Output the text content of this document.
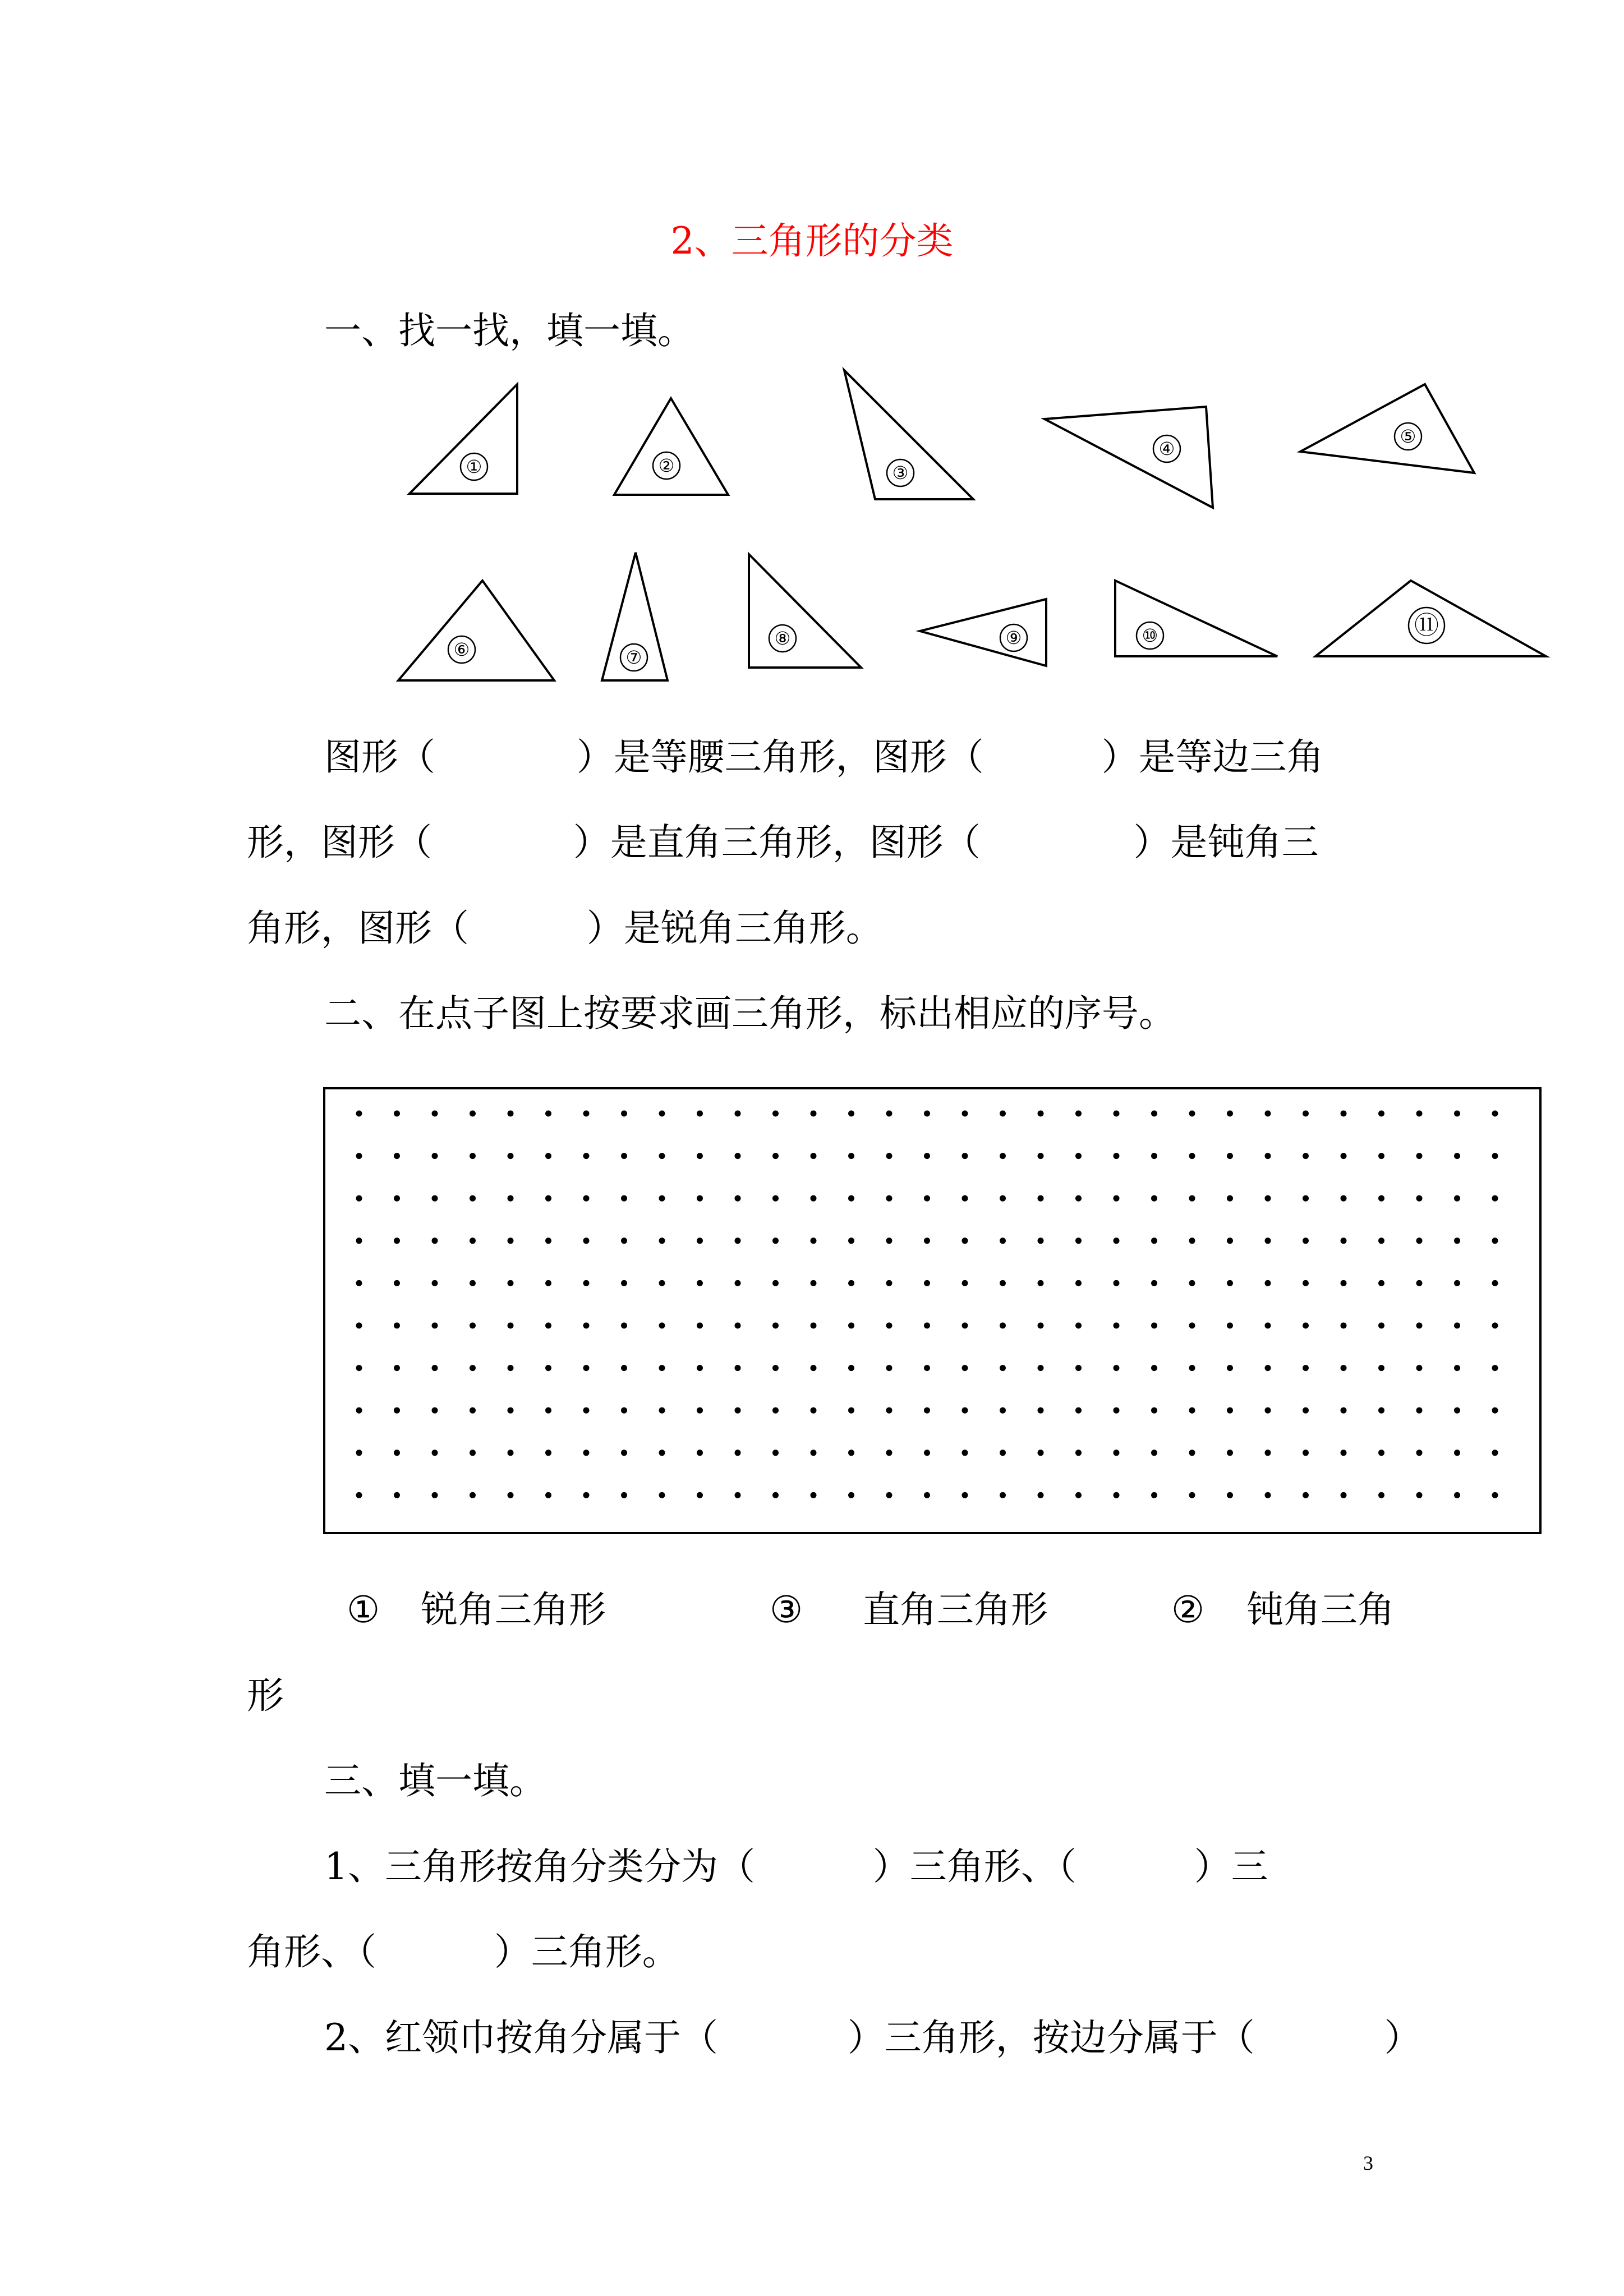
2、三角形的分类
一、找一找，填一填。
①	②	③
④
⑤
⑥	⑦
⑧	⑨	⑩	⑪
图形（            ）是等腰三角形，图形（          ）是等边三角
形，图形（            ）是直角三角形，图形（             ）是钝角三
角形，图形（          ）是锐角三角形。
二、在点子图上按要求画三角形，标出相应的序号。
① 锐角三角形	③ 直角三角形	② 钝角三角
形
三、填一填。
1、三角形按角分类分为（          ）三角形、（          ）三
角形、（          ）三角形。
2、红领巾按角分属于（           ）三角形，按边分属于（           ）
3
